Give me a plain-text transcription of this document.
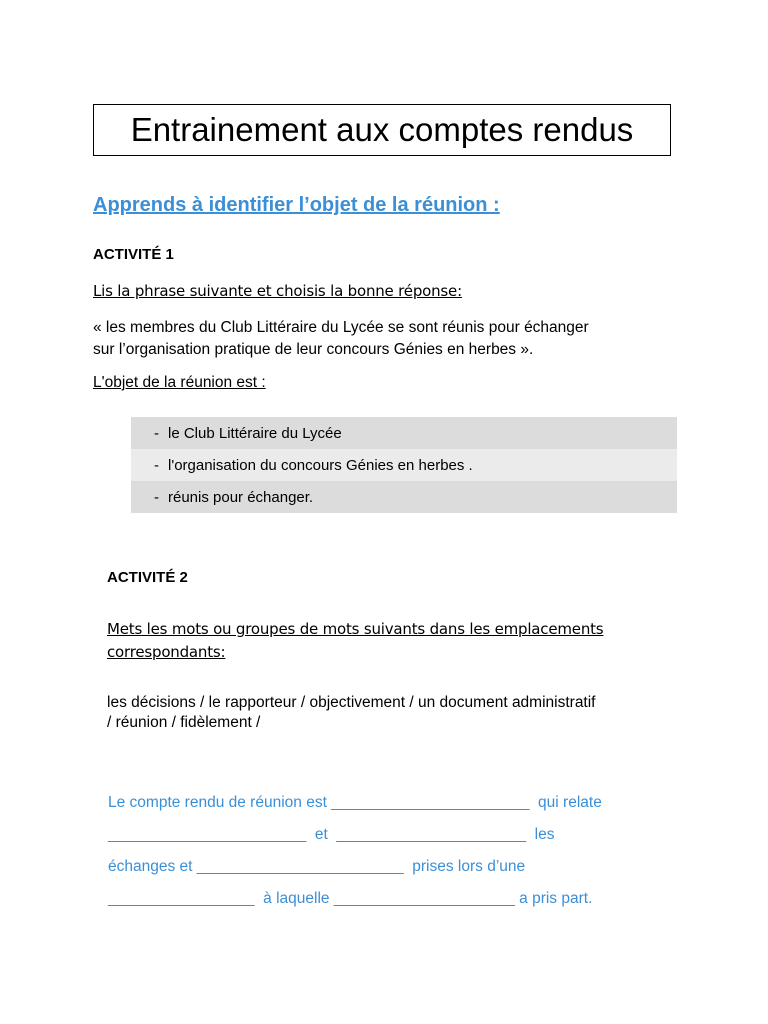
Entrainement aux comptes rendus
Apprends à identifier l’objet de la réunion :
ACTIVITÉ 1
Lis la phrase suivante et choisis la bonne réponse:
« les membres du Club Littéraire du Lycée se sont réunis pour échanger
sur l’organisation pratique de leur concours Génies en herbes ».
L'objet de la réunion est :
- le Club Littéraire du Lycée
- l'organisation du concours Génies en herbes .
- réunis pour échanger.
ACTIVITÉ 2
Mets les mots ou groupes de mots suivants dans les emplacements
correspondants:
les décisions / le rapporteur / objectivement / un document administratif
/ réunion / fidèlement /
Le compte rendu de réunion est _______________________  qui relate
_______________________  et  ______________________  les
échanges et ________________________  prises lors d’une
_________________  à laquelle _____________________ a pris part.
